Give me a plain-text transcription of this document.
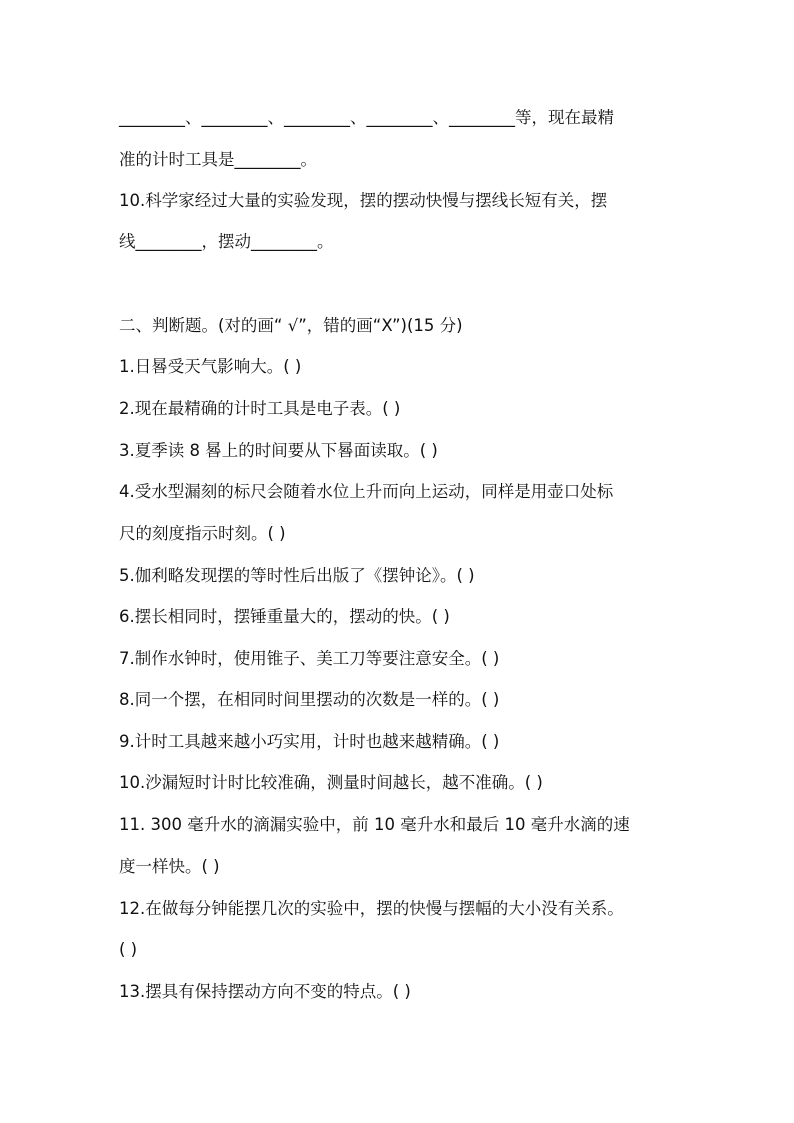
________、________、________、________、________等，现在最精
准的计时工具是________。
10.科学家经过大量的实验发现，摆的摆动快慢与摆线长短有关，摆
线________，摆动________。
二、判断题。(对的画“ √”，错的画“X”)(15 分)
1.日晷受天气影响大。( )
2.现在最精确的计时工具是电子表。( )
3.夏季读 8 晷上的时间要从下晷面读取。( )
4.受水型漏刻的标尺会随着水位上升而向上运动，同样是用壶口处标
尺的刻度指示时刻。( )
5.伽利略发现摆的等时性后出版了《摆钟论》。( )
6.摆长相同时，摆锤重量大的，摆动的快。( )
7.制作水钟时，使用锥子、美工刀等要注意安全。( )
8.同一个摆，在相同时间里摆动的次数是一样的。( )
9.计时工具越来越小巧实用，计时也越来越精确。( )
10.沙漏短时计时比较准确，测量时间越长，越不准确。( )
11. 300 毫升水的滴漏实验中，前 10 毫升水和最后 10 毫升水滴的速
度一样快。( )
12.在做每分钟能摆几次的实验中，摆的快慢与摆幅的大小没有关系。
( )
13.摆具有保持摆动方向不变的特点。( )
